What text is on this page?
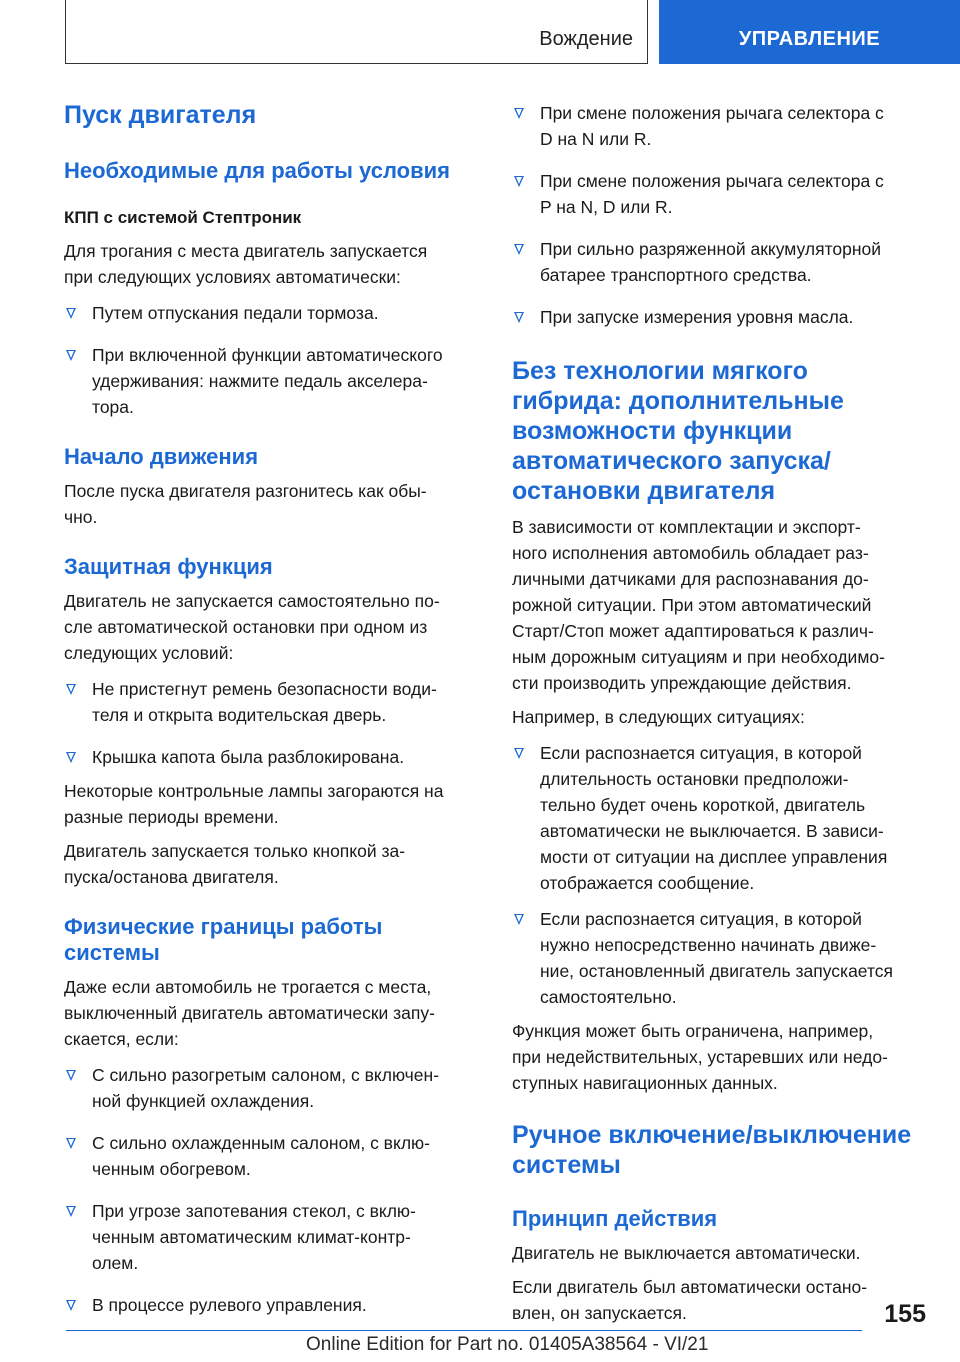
Вождение	УПРАВЛЕНИЕ
Пуск двигателя
Необходимые для работы условия
КПП с системой Стептроник

Для трогания с места двигатель запускается
при следующих условиях автоматически:

Путем отпускания педали тормоза.
При включенной функции автоматического
удерживания: нажмите педаль акселера-
тора.
Начало движения

После пуска двигателя разгонитесь как обы-
чно.

Защитная функция

Двигатель не запускается самостоятельно по-
сле автоматической остановки при одном из
следующих условий:

Не пристегнут ремень безопасности води-
теля и открыта водительская дверь.
Крышка капота была разблокирована.

Некоторые контрольные лампы загораются на
разные периоды времени.

Двигатель запускается только кнопкой за-
пуска/останова двигателя.

Физические границы работы
системы

Даже если автомобиль не трогается с места,
выключенный двигатель автоматически запу-
скается, если:

С сильно разогретым салоном, с включен-
ной функцией охлаждения.
С сильно охлажденным салоном, с вклю-
ченным обогревом.
При угрозе запотевания стекол, с вклю-
ченным автоматическим климат-контр-
олем.
В процессе рулевого управления.
При смене положения рычага селектора с
D на N или R.
При смене положения рычага селектора с
P на N, D или R.
При сильно разряженной аккумуляторной
батарее транспортного средства.
При запуске измерения уровня масла.
Без технологии мягкого
гибрида: дополнительные
возможности функции
автоматического запуска/
остановки двигателя

В зависимости от комплектации и экспорт-
ного исполнения автомобиль обладает раз-
личными датчиками для распознавания до-
рожной ситуации. При этом автоматический
Старт/Стоп может адаптироваться к различ-
ным дорожным ситуациям и при необходимо-
сти производить упреждающие действия.

Например, в следующих ситуациях:

Если распознается ситуация, в которой
длительность остановки предположи-
тельно будет очень короткой, двигатель
автоматически не выключается. В зависи-
мости от ситуации на дисплее управления
отображается сообщение.
Если распознается ситуация, в которой
нужно непосредственно начинать движе-
ние, остановленный двигатель запускается
самостоятельно.

Функция может быть ограничена, например,
при недействительных, устаревших или недо-
ступных навигационных данных.

Ручное включение/выключение
системы
Принцип действия

Двигатель не выключается автоматически.

Если двигатель был автоматически остано-
влен, он запускается.	155
Online Edition for Part no. 01405A38564 - VI/21
